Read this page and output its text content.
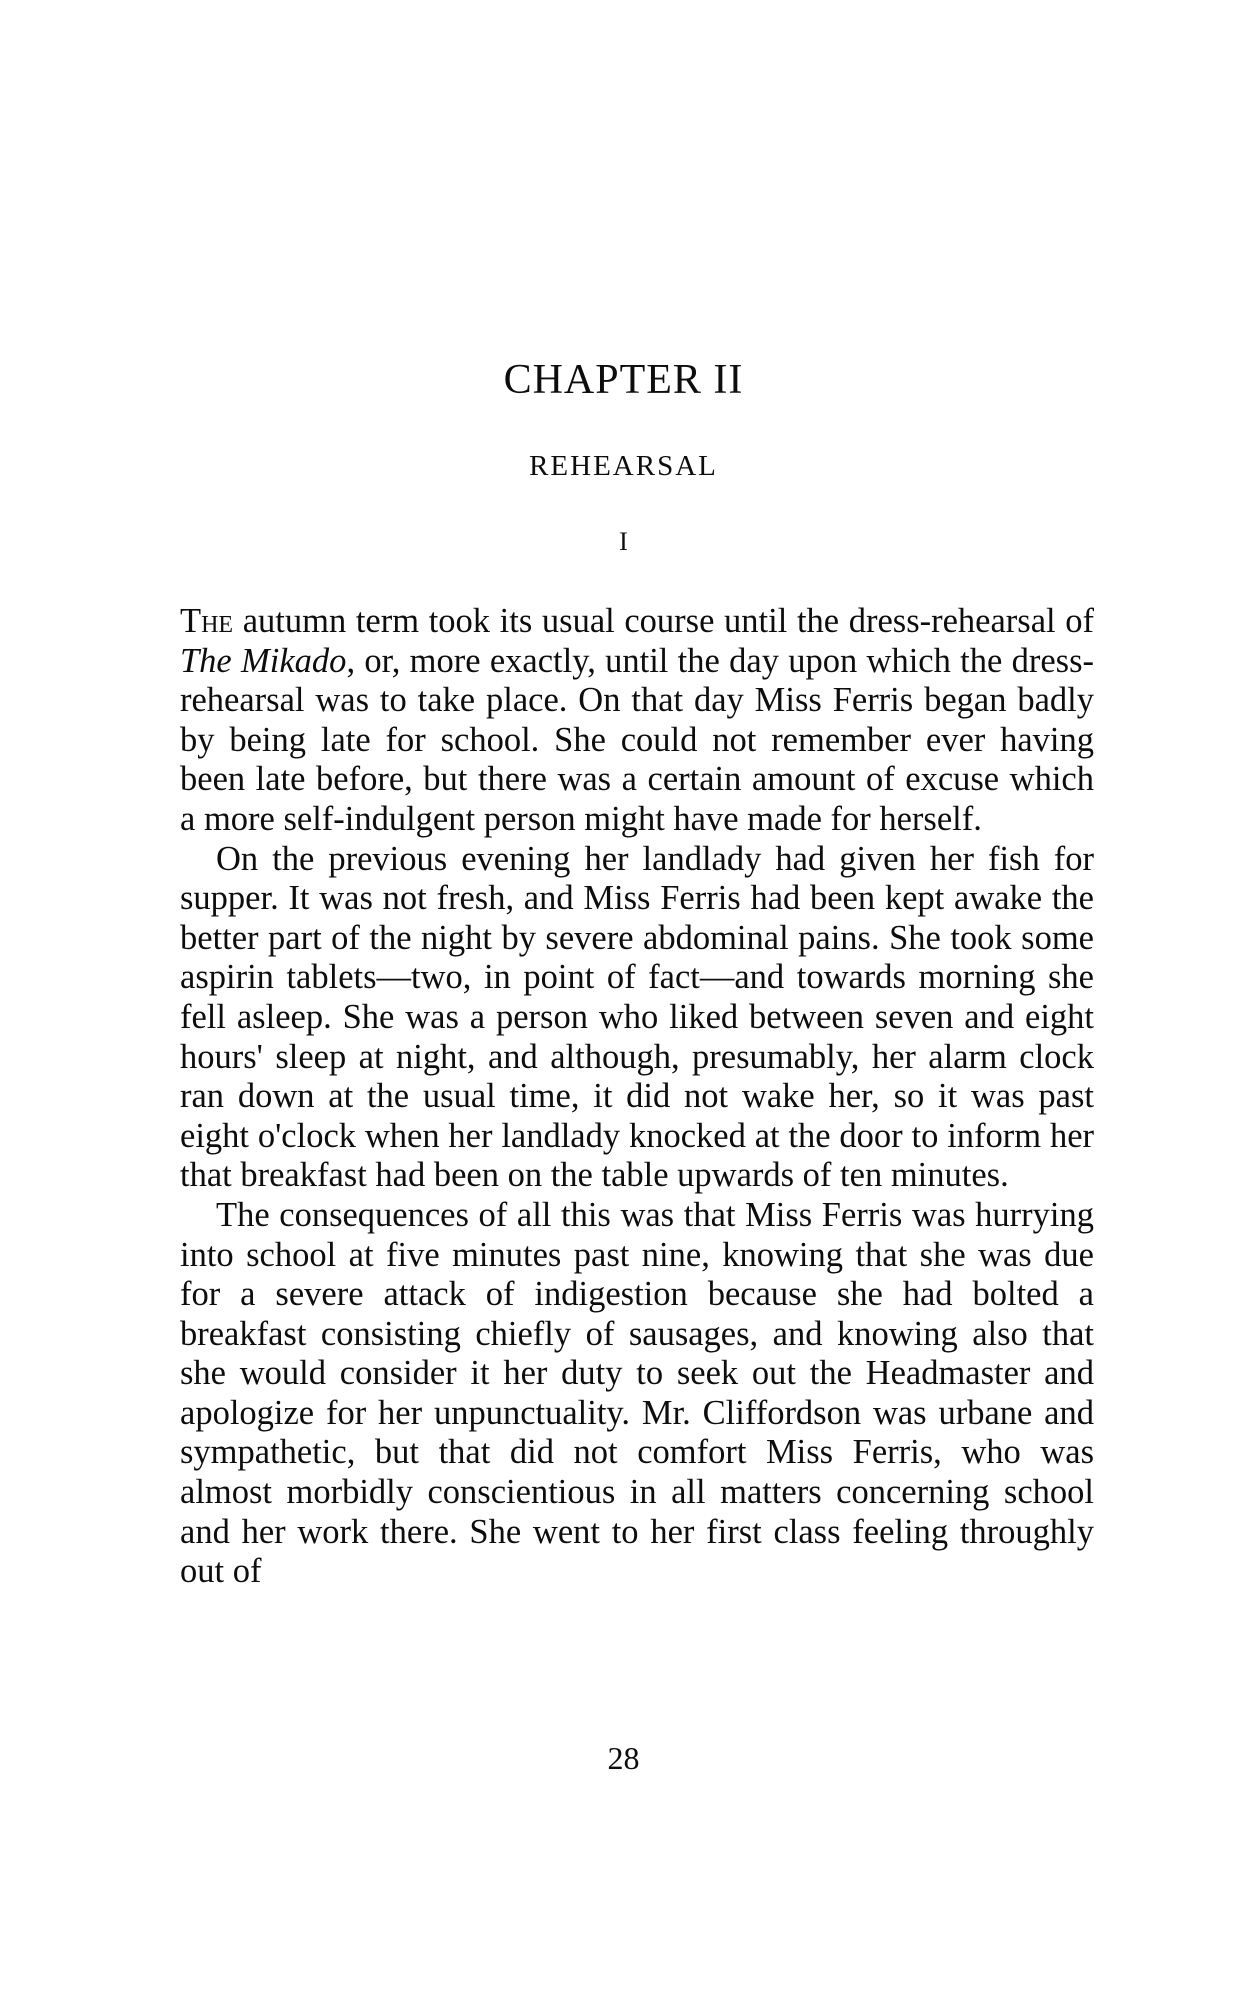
CHAPTER II
REHEARSAL
I

The autumn term took its usual course until the dress-rehearsal of The Mikado, or, more exactly, until the day upon which the dress-rehearsal was to take place. On that day Miss Ferris began badly by being late for school. She could not remember ever having been late before, but there was a certain amount of excuse which a more self-indulgent person might have made for herself.

On the previous evening her landlady had given her fish for supper. It was not fresh, and Miss Ferris had been kept awake the better part of the night by severe abdominal pains. She took some aspirin tablets—two, in point of fact—and towards morning she fell asleep. She was a person who liked between seven and eight hours' sleep at night, and although, presumably, her alarm clock ran down at the usual time, it did not wake her, so it was past eight o'clock when her landlady knocked at the door to inform her that breakfast had been on the table upwards of ten minutes.

The consequences of all this was that Miss Ferris was hurrying into school at five minutes past nine, knowing that she was due for a severe attack of indigestion because she had bolted a breakfast consisting chiefly of sausages, and knowing also that she would consider it her duty to seek out the Headmaster and apologize for her unpunctuality. Mr. Cliffordson was urbane and sympathetic, but that did not comfort Miss Ferris, who was almost morbidly conscientious in all matters concerning school and her work there. She went to her first class feeling throughly out of

28
